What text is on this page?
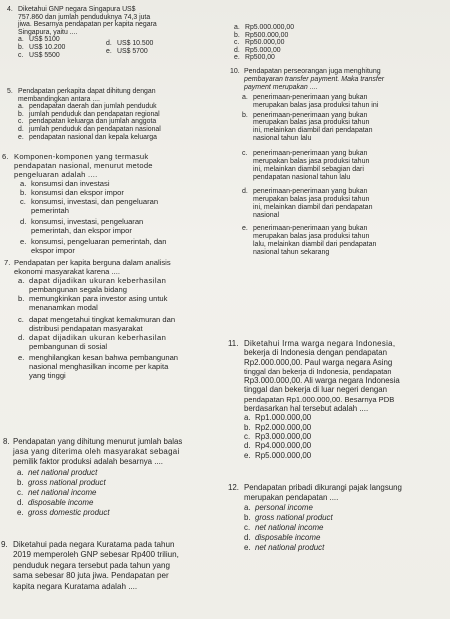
4. Diketahui GNP negara Singapura US$

757.860 dan jumlah penduduknya 74,3 juta

jiwa. Besarnya pendapatan per kapita negara

Singapura, yaitu ....

a. US$ 5100
b. US$ 10.200
c. US$ 5500
d. US$ 10.500
e. US$ 5700
5. Pendapatan perkapita dapat dihitung dengan

membandingkan antara ....

a. pendapatan daerah dan jumlah penduduk

b. jumlah penduduk dan pendapatan regional

c. pendapatan keluarga dan jumlah anggota

d. jumlah penduduk dan pendapatan nasional

e. pendapatan nasional dan kepala keluarga

6. Komponen-komponen yang termasuk

pendapatan nasional, menurut metode

pengeluaran adalah ....

a. konsumsi dan investasi

b. konsumsi dan ekspor impor

c. konsumsi, investasi, dan pengeluaran

pemerintah

d. konsumsi, investasi, pengeluaran

pemerintah, dan ekspor impor

e. konsumsi, pengeluaran pemerintah, dan

ekspor impor

7. Pendapatan per kapita berguna dalam analisis

ekonomi masyarakat karena ....

a. dapat dijadikan ukuran keberhasilan

pembangunan segala bidang

b. memungkinkan para investor asing untuk

menanamkan modal

c. dapat mengetahui tingkat kemakmuran dan

distribusi pendapatan masyarakat

d. dapat dijadikan ukuran keberhasilan

pembangunan di sosial

e. menghilangkan kesan bahwa pembangunan

nasional menghasilkan income per kapita

yang tinggi

8. Pendapatan yang dihitung menurut jumlah balas

jasa yang diterima oleh masyarakat sebagai

pemilik faktor produksi adalah besarnya ....

a. net national product

b. gross national product

c. net national income

d. disposable income

e. gross domestic product

9. Diketahui pada negara Kuratama pada tahun

2019 memperoleh GNP sebesar Rp400 triliun,

penduduk negara tersebut pada tahun yang

sama sebesar 80 juta jiwa. Pendapatan per

kapita negara Kuratama adalah ....

a. Rp5.000.000,00

b. Rp500.000,00

c. Rp50.000,00

d. Rp5.000,00

e. Rp500,00

10. Pendapatan perseorangan juga menghitung

pembayaran transfer payment. Maka transfer

payment merupakan ....

a. penerimaan-penerimaan yang bukan

merupakan balas jasa produksi tahun ini

b. penerimaan-penerimaan yang bukan

merupakan balas jasa produksi tahun

ini, melainkan diambil dari pendapatan

nasional tahun lalu

c. penerimaan-penerimaan yang bukan

merupakan balas jasa produksi tahun

ini, melainkan diambil sebagian dari

pendapatan nasional tahun lalu

d. penerimaan-penerimaan yang bukan

merupakan balas jasa produksi tahun

ini, melainkan diambil dari pendapatan

nasional

e. penerimaan-penerimaan yang bukan

merupakan balas jasa produksi tahun

lalu, melainkan diambil dari pendapatan

nasional tahun sekarang

11. Diketahui Irma warga negara Indonesia,

bekerja di Indonesia dengan pendapatan

Rp2.000.000,00. Paul warga negara Asing

tinggal dan bekerja di Indonesia, pendapatan

Rp3.000.000,00. Ali warga negara Indonesia

tinggal dan bekerja di luar negeri dengan

pendapatan Rp1.000.000,00. Besarnya PDB

berdasarkan hal tersebut adalah ....

a. Rp1.000.000,00

b. Rp2.000.000,00

c. Rp3.000.000,00

d. Rp4.000.000,00

e. Rp5.000.000,00

12. Pendapatan pribadi dikurangi pajak langsung

merupakan pendapatan ....

a. personal income

b. gross national product

c. net national income

d. disposable income

e. net national product
